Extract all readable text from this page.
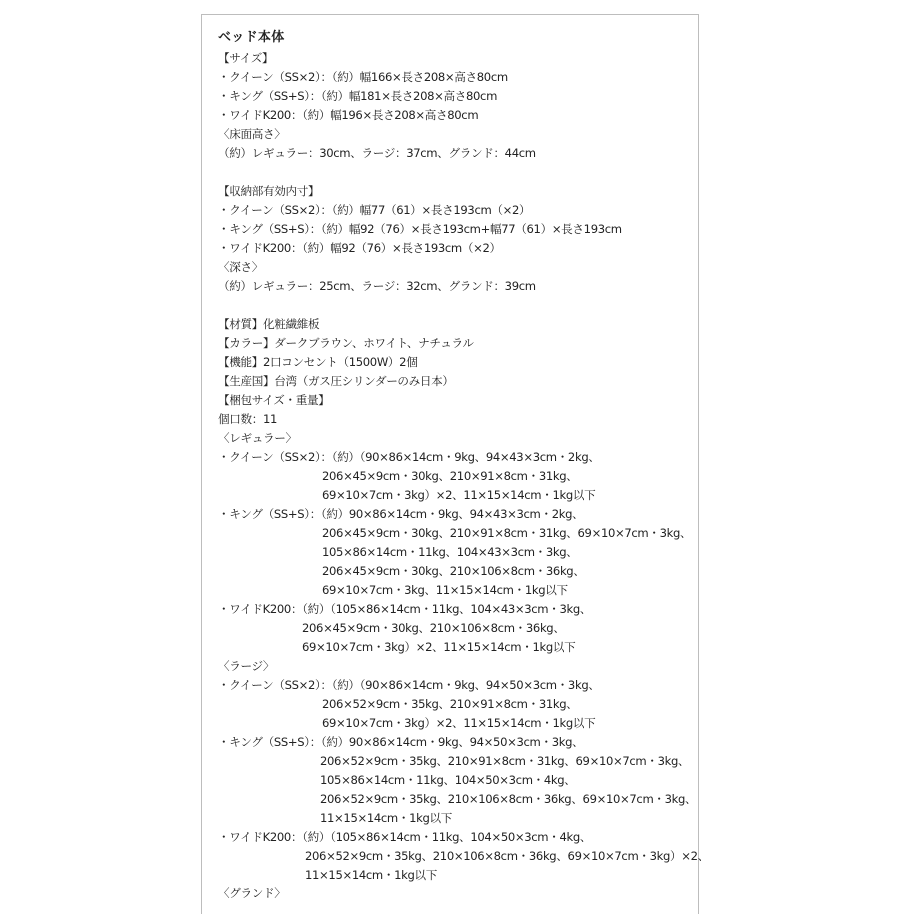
ベッド本体
【サイズ】
・クイーン（SS×2）：（約）幅166×長さ208×高さ80cm
・キング（SS+S）：（約）幅181×長さ208×高さ80cm
・ワイドK200：（約）幅196×長さ208×高さ80cm
〈床面高さ〉
（約）レギュラー：30cm、ラージ：37cm、グランド：44cm
【収納部有効内寸】
・クイーン（SS×2）：（約）幅77（61）×長さ193cm（×2）
・キング（SS+S）：（約）幅92（76）×長さ193cm+幅77（61）×長さ193cm
・ワイドK200：（約）幅92（76）×長さ193cm（×2）
〈深さ〉
（約）レギュラー：25cm、ラージ：32cm、グランド：39cm
【材質】化粧繊維板
【カラー】ダークブラウン、ホワイト、ナチュラル
【機能】2口コンセント（1500W）2個
【生産国】台湾（ガス圧シリンダーのみ日本）
【梱包サイズ・重量】
個口数：11
〈レギュラー〉
・クイーン（SS×2）：（約）（90×86×14cm・9kg、94×43×3cm・2kg、
206×45×9cm・30kg、210×91×8cm・31kg、
69×10×7cm・3kg）×2、11×15×14cm・1kg以下
・キング（SS+S）：（約）90×86×14cm・9kg、94×43×3cm・2kg、
206×45×9cm・30kg、210×91×8cm・31kg、69×10×7cm・3kg、
105×86×14cm・11kg、104×43×3cm・3kg、
206×45×9cm・30kg、210×106×8cm・36kg、
69×10×7cm・3kg、11×15×14cm・1kg以下
・ワイドK200：（約）（105×86×14cm・11kg、104×43×3cm・3kg、
206×45×9cm・30kg、210×106×8cm・36kg、
69×10×7cm・3kg）×2、11×15×14cm・1kg以下
〈ラージ〉
・クイーン（SS×2）：（約）（90×86×14cm・9kg、94×50×3cm・3kg、
206×52×9cm・35kg、210×91×8cm・31kg、
69×10×7cm・3kg）×2、11×15×14cm・1kg以下
・キング（SS+S）：（約）90×86×14cm・9kg、94×50×3cm・3kg、
206×52×9cm・35kg、210×91×8cm・31kg、69×10×7cm・3kg、
105×86×14cm・11kg、104×50×3cm・4kg、
206×52×9cm・35kg、210×106×8cm・36kg、69×10×7cm・3kg、
11×15×14cm・1kg以下
・ワイドK200：（約）（105×86×14cm・11kg、104×50×3cm・4kg、
206×52×9cm・35kg、210×106×8cm・36kg、69×10×7cm・3kg）×2、
11×15×14cm・1kg以下
〈グランド〉
